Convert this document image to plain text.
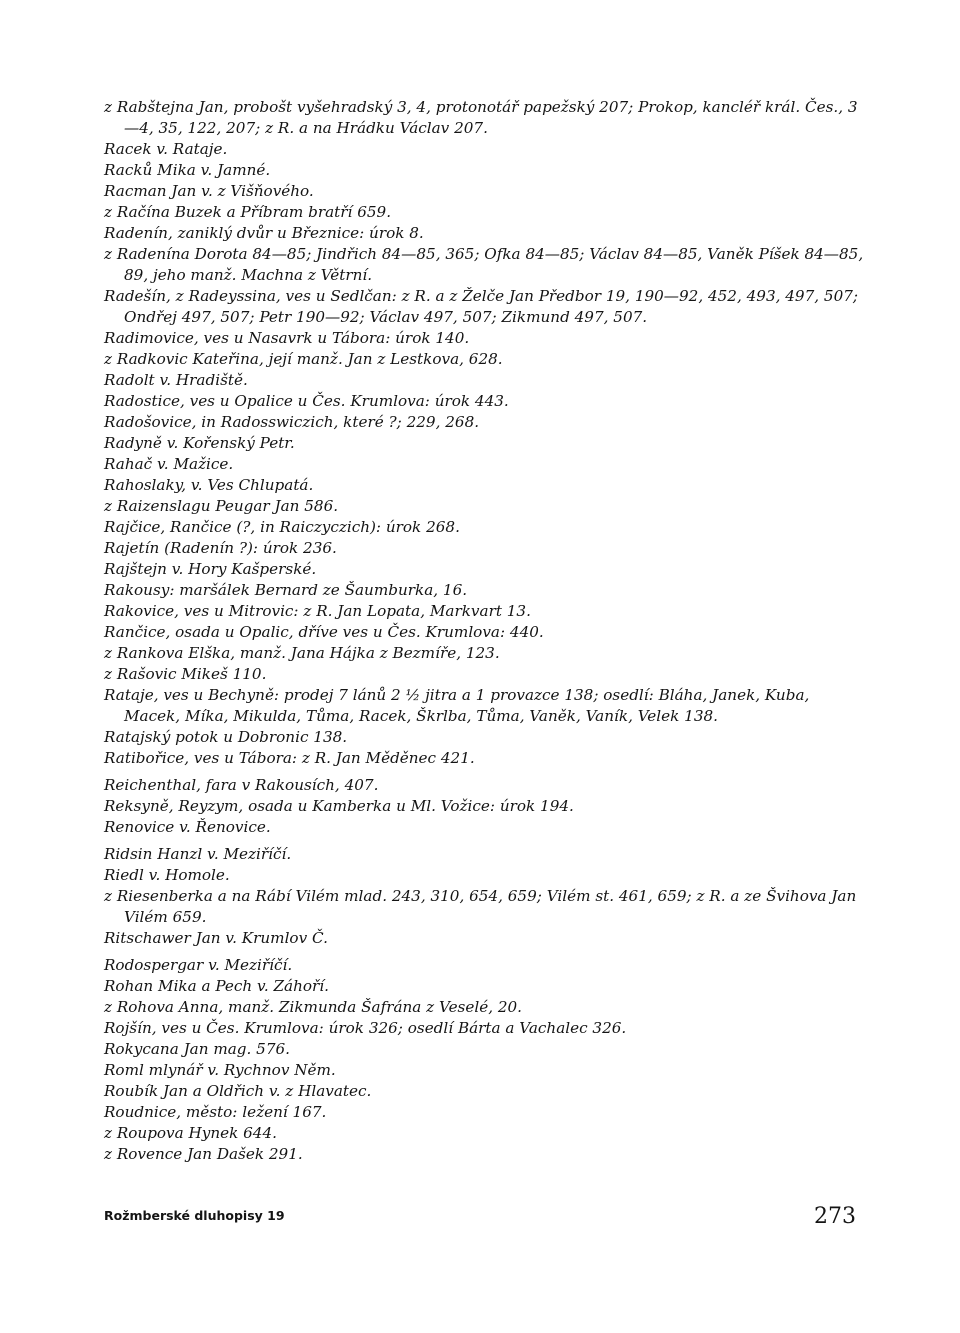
z Rabštejna Jan, probošt vyšehradský 3, 4, protonotář papežský 207; Prokop, kancléř král. Čes., 3—4, 35, 122, 207; z R. a na Hrádku Václav 207.

Racek v. Rataje.

Racků Mika v. Jamné.

Racman Jan v. z Višňového.

z Račína Buzek a Příbram bratří 659.

Radenín, zaniklý dvůr u Březnice: úrok 8.

z Radenína Dorota 84—85; Jindřich 84—85, 365; Ofka 84—85; Václav 84—85, Vaněk Píšek 84—85, 89, jeho manž. Machna z Větrní.

Radešín, z Radeyssina, ves u Sedlčan: z R. a z Želče Jan Předbor 19, 190—92, 452, 493, 497, 507; Ondřej 497, 507; Petr 190—92; Václav 497, 507; Zikmund 497, 507.

Radimovice, ves u Nasavrk u Tábora: úrok 140.

z Radkovic Kateřina, její manž. Jan z Lestkova, 628.

Radolt v. Hradiště.

Radostice, ves u Opalice u Čes. Krumlova: úrok 443.

Radošovice, in Radosswiczich, které ?; 229, 268.

Radyně v. Kořenský Petr.

Rahač v. Mažice.

Rahoslaky, v. Ves Chlupatá.

z Raizenslagu Peugar Jan 586.

Rajčice, Rančice (?, in Raiczyczich): úrok 268.

Rajetín (Radenín ?): úrok 236.

Rajštejn v. Hory Kašperské.

Rakousy: maršálek Bernard ze Šaumburka, 16.

Rakovice, ves u Mitrovic: z R. Jan Lopata, Markvart 13.

Rančice, osada u Opalic, dříve ves u Čes. Krumlova: 440.

z Rankova Elška, manž. Jana Hájka z Bezmíře, 123.

z Rašovic Mikeš 110.

Rataje, ves u Bechyně: prodej 7 lánů 2 ½ jitra a 1 provazce 138; osedlí: Bláha, Janek, Kuba, Macek, Míka, Mikulda, Tůma, Racek, Škrlba, Tůma, Vaněk, Vaník, Velek 138.

Ratajský potok u Dobronic 138.

Ratibořice, ves u Tábora: z R. Jan Měděnec 421.

Reichenthal, fara v Rakousích, 407.

Reksyně, Reyzym, osada u Kamberka u Ml. Vožice: úrok 194.

Renovice v. Řenovice.

Ridsin Hanzl v. Meziříčí.

Riedl v. Homole.

z Riesenberka a na Rábí Vilém mlad. 243, 310, 654, 659; Vilém st. 461, 659; z R. a ze Švihova Jan Vilém 659.

Ritschawer Jan v. Krumlov Č.

Rodospergar v. Meziříčí.

Rohan Mika a Pech v. Záhoří.

z Rohova Anna, manž. Zikmunda Šafrána z Veselé, 20.

Rojšín, ves u Čes. Krumlova: úrok 326; osedlí Bárta a Vachalec 326.

Rokycana Jan mag. 576.

Roml mlynář v. Rychnov Něm.

Roubík Jan a Oldřich v. z Hlavatec.

Roudnice, město: ležení 167.

z Roupova Hynek 644.

z Rovence Jan Dašek 291.

Rožmberské dluhopisy 19	273
